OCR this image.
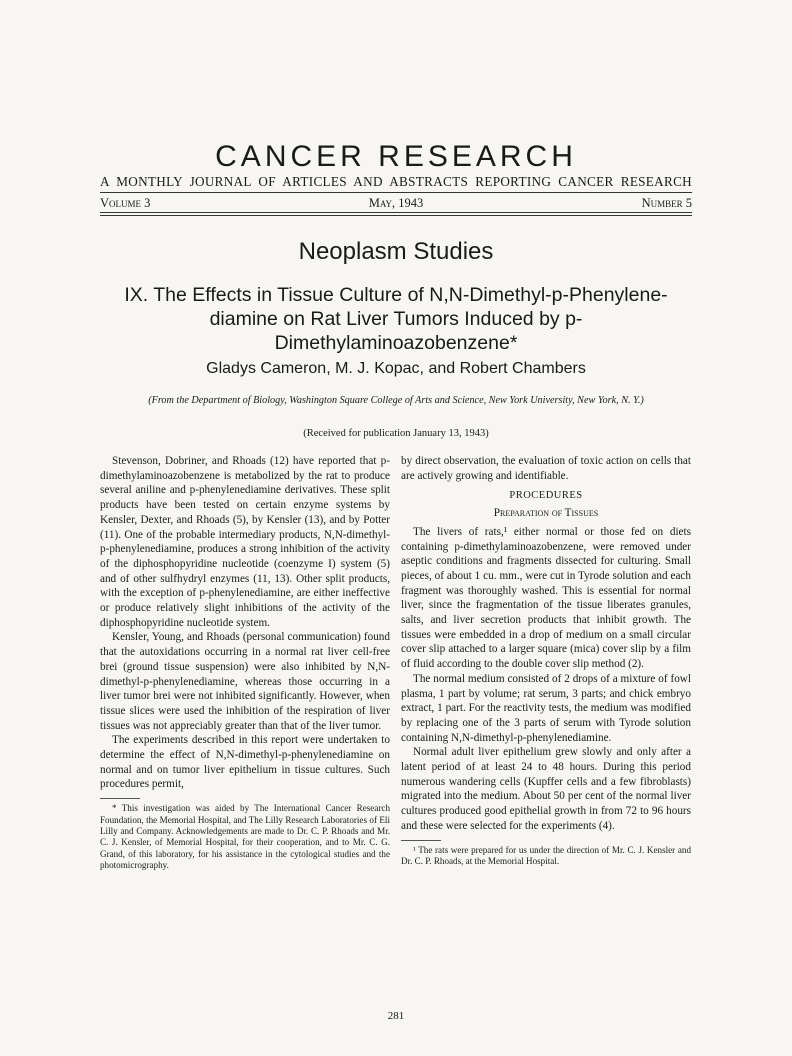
CANCER RESEARCH
A MONTHLY JOURNAL OF ARTICLES AND ABSTRACTS REPORTING CANCER RESEARCH
Volume 3	May, 1943	Number 5
Neoplasm Studies
IX. The Effects in Tissue Culture of N,N-Dimethyl-p-Phenylene-diamine on Rat Liver Tumors Induced by p-Dimethylaminoazobenzene*
Gladys Cameron, M. J. Kopac, and Robert Chambers
(From the Department of Biology, Washington Square College of Arts and Science, New York University, New York, N. Y.)
(Received for publication January 13, 1943)

Stevenson, Dobriner, and Rhoads (12) have reported that p-dimethylaminoazobenzene is metabolized by the rat to produce several aniline and p-phenylenediamine derivatives. These split products have been tested on certain enzyme systems by Kensler, Dexter, and Rhoads (5), by Kensler (13), and by Potter (11). One of the probable intermediary products, N,N-dimethyl-p-phenylenediamine, produces a strong inhibition of the activity of the diphosphopyridine nucleotide (coenzyme I) system (5) and of other sulfhydryl enzymes (11, 13). Other split products, with the exception of p-phenylenediamine, are either ineffective or produce relatively slight inhibitions of the activity of the diphosphopyridine nucleotide system.

Kensler, Young, and Rhoads (personal communication) found that the autoxidations occurring in a normal rat liver cell-free brei (ground tissue suspension) were also inhibited by N,N-dimethyl-p-phenylenediamine, whereas those occurring in a liver tumor brei were not inhibited significantly. However, when tissue slices were used the inhibition of the respiration of liver tissues was not appreciably greater than that of the liver tumor.

The experiments described in this report were undertaken to determine the effect of N,N-dimethyl-p-phenylenediamine on normal and on tumor liver epithelium in tissue cultures. Such procedures permit,

* This investigation was aided by The International Cancer Research Foundation, the Memorial Hospital, and The Lilly Research Laboratories of Eli Lilly and Company. Acknowledgements are made to Dr. C. P. Rhoads and Mr. C. J. Kensler, of Memorial Hospital, for their cooperation, and to Mr. C. G. Grand, of this laboratory, for his assistance in the cytological studies and the photomicrography.

by direct observation, the evaluation of toxic action on cells that are actively growing and identifiable.

PROCEDURES
Preparation of Tissues

The livers of rats,¹ either normal or those fed on diets containing p-dimethylaminoazobenzene, were removed under aseptic conditions and fragments dissected for culturing. Small pieces, of about 1 cu. mm., were cut in Tyrode solution and each fragment was thoroughly washed. This is essential for normal liver, since the fragmentation of the tissue liberates granules, salts, and liver secretion products that inhibit growth. The tissues were embedded in a drop of medium on a small circular cover slip attached to a larger square (mica) cover slip by a film of fluid according to the double cover slip method (2).

The normal medium consisted of 2 drops of a mixture of fowl plasma, 1 part by volume; rat serum, 3 parts; and chick embryo extract, 1 part. For the reactivity tests, the medium was modified by replacing one of the 3 parts of serum with Tyrode solution containing N,N-dimethyl-p-phenylenediamine.

Normal adult liver epithelium grew slowly and only after a latent period of at least 24 to 48 hours. During this period numerous wandering cells (Kupffer cells and a few fibroblasts) migrated into the medium. About 50 per cent of the normal liver cultures produced good epithelial growth in from 72 to 96 hours and these were selected for the experiments (4).

¹ The rats were prepared for us under the direction of Mr. C. J. Kensler and Dr. C. P. Rhoads, at the Memorial Hospital.

281
